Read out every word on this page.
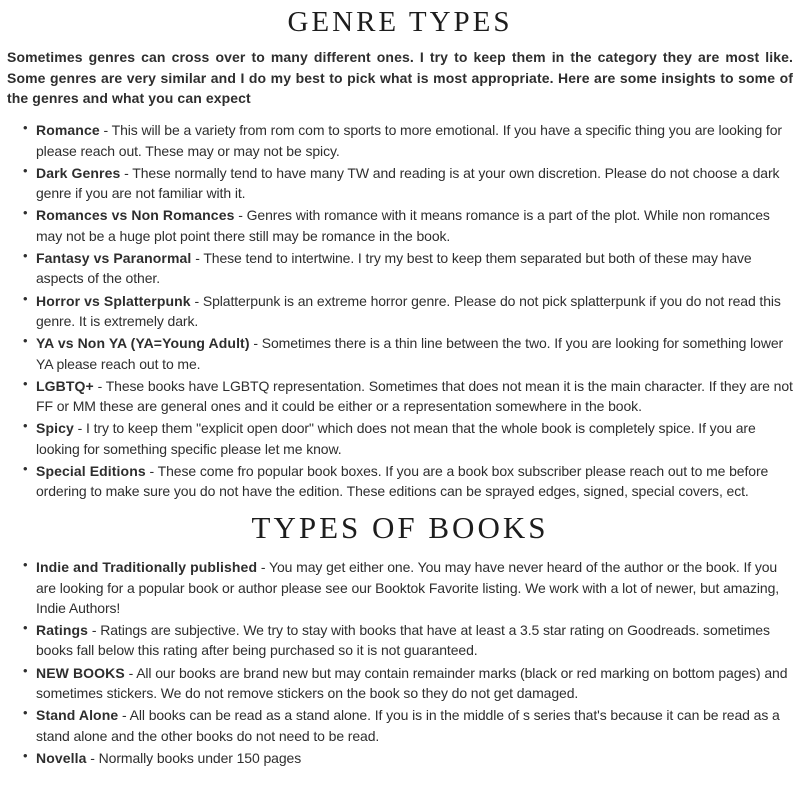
GENRE TYPES

Sometimes genres can cross over to many different ones. I try to keep them in the category they are most like. Some genres are very similar and I do my best to pick what is most appropriate. Here are some insights to some of the genres and what you can expect

• Romance - This will be a variety from rom com to sports to more emotional. If you have a specific thing you are looking for please reach out. These may or may not be spicy.
• Dark Genres - These normally tend to have many TW and reading is at your own discretion. Please do not choose a dark genre if you are not familiar with it.
• Romances vs Non Romances - Genres with romance with it means romance is a part of the plot. While non romances may not be a huge plot point there still may be romance in the book.
• Fantasy vs Paranormal - These tend to intertwine. I try my best to keep them separated but both of these may have aspects of the other.
• Horror vs Splatterpunk - Splatterpunk is an extreme horror genre. Please do not pick splatterpunk if you do not read this genre. It is extremely dark.
• YA vs Non YA (YA=Young Adult) - Sometimes there is a thin line between the two. If you are looking for something lower YA please reach out to me.
• LGBTQ+ - These books have LGBTQ representation. Sometimes that does not mean it is the main character. If they are not FF or MM these are general ones and it could be either or a representation somewhere in the book.
• Spicy - I try to keep them "explicit open door" which does not mean that the whole book is completely spice. If you are looking for something specific please let me know.
• Special Editions - These come fro popular book boxes. If you are a book box subscriber please reach out to me before ordering to make sure you do not have the edition. These editions can be sprayed edges, signed, special covers, ect.
TYPES OF BOOKS
• Indie and Traditionally published - You may get either one. You may have never heard of the author or the book. If you are looking for a popular book or author please see our Booktok Favorite listing. We work with a lot of newer, but amazing, Indie Authors!
• Ratings - Ratings are subjective. We try to stay with books that have at least a 3.5 star rating on Goodreads. sometimes books fall below this rating after being purchased so it is not guaranteed.
• NEW BOOKS - All our books are brand new but may contain remainder marks (black or red marking on bottom pages) and sometimes stickers. We do not remove stickers on the book so they do not get damaged.
• Stand Alone - All books can be read as a stand alone. If you is in the middle of s series that's because it can be read as a stand alone and the other books do not need to be read.
• Novella - Normally books under 150 pages
